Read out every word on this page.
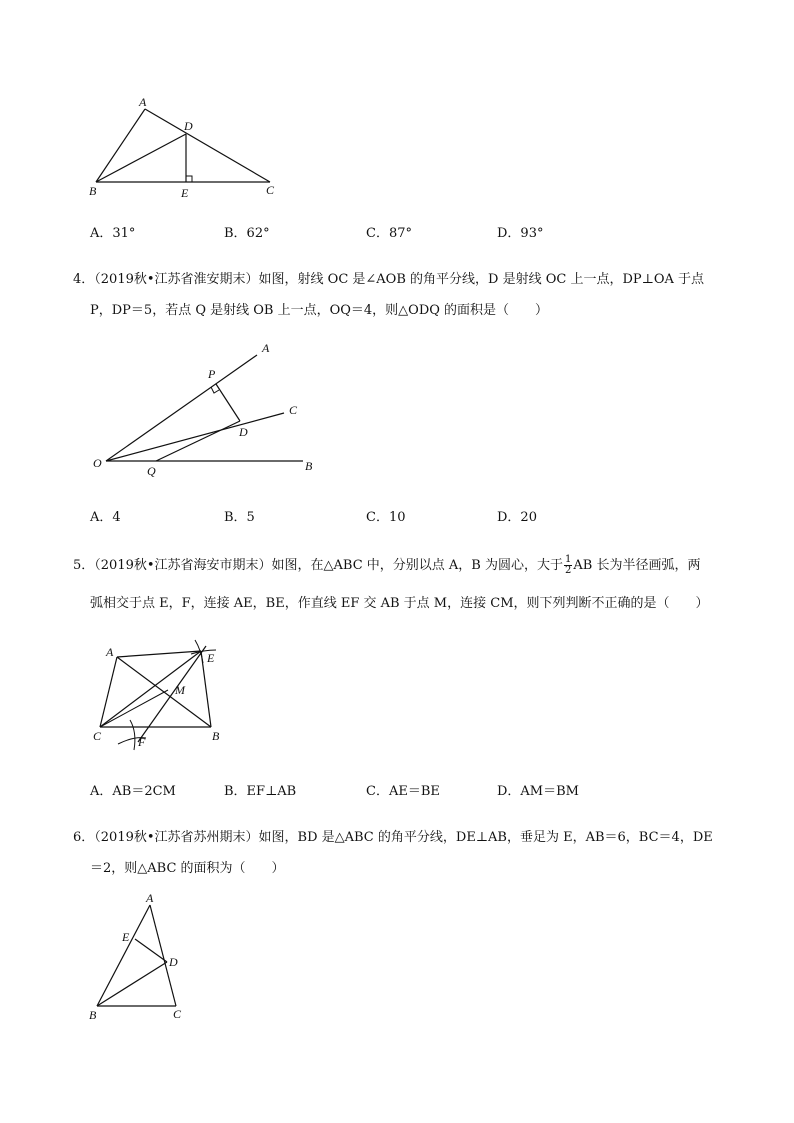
A
D
B	E	C
A．31°	B．62°	C．87°	D．93°
4．（2019秋•江苏省淮安期末）如图，射线 OC 是∠AOB 的角平分线，D 是射线 OC 上一点，DP⊥OA 于点
P，DP＝5，若点 Q 是射线 OB 上一点，OQ＝4，则△ODQ 的面积是（　　）
A
P
C
D
O
Q	B
A．4	B．5	C．10	D．20
5．（2019秋•江苏省海安市期末）如图，在△ABC 中，分别以点 A，B 为圆心，大于 $\frac{1}{2}$ AB 长为半径画弧，两
弧相交于点 E，F，连接 AE，BE，作直线 EF 交 AB 于点 M，连接 CM，则下列判断不正确的是（　　）
A	E
M
C	F	B
A．AB＝2CM	B．EF⊥AB	C．AE＝BE	D．AM＝BM
6．（2019秋•江苏省苏州期末）如图，BD 是△ABC 的角平分线，DE⊥AB，垂足为 E，AB＝6，BC＝4，DE
＝2，则△ABC 的面积为（　　）
A
E
D
B	C
